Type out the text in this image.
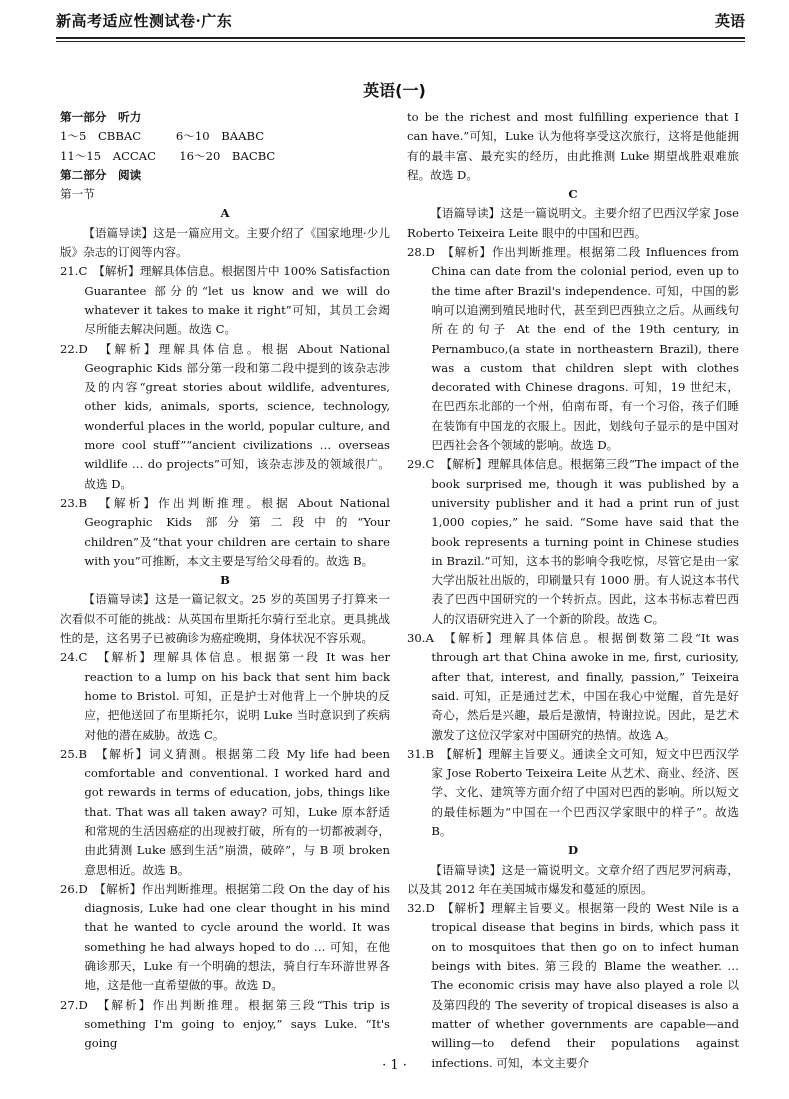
新高考适应性测试卷·广东	英语
英语(一)

第一部分　听力

1～5　CBBAC　　　6～10　BAABC

11～15　ACCAC　　16～20　BACBC

第二部分　阅读

第一节

A

【语篇导读】这是一篇应用文。主要介绍了《国家地理·少儿版》杂志的订阅等内容。

21.C　【解析】理解具体信息。根据图片中 100% Satisfaction Guarantee 部分的“let us know and we will do whatever it takes to make it right”可知，其员工会竭尽所能去解决问题。故选 C。

22.D　【解析】理解具体信息。根据 About National Geographic Kids 部分第一段和第二段中提到的该杂志涉及的内容“great stories about wildlife, adventures, other kids, animals, sports, science, technology, wonderful places in the world, popular culture, and more cool stuff”“ancient civilizations … overseas wildlife … do projects”可知，该杂志涉及的领域很广。故选 D。

23.B　【解析】作出判断推理。根据 About National Geographic Kids 部分第二段中的“Your children”及“that your children are certain to share with you”可推断，本文主要是写给父母看的。故选 B。

B

【语篇导读】这是一篇记叙文。25 岁的英国男子打算来一次看似不可能的挑战：从英国布里斯托尔骑行至北京。更具挑战性的是，这名男子已被确诊为癌症晚期，身体状况不容乐观。

24.C　【解析】理解具体信息。根据第一段 It was her reaction to a lump on his back that sent him back home to Bristol. 可知，正是护士对他背上一个肿块的反应，把他送回了布里斯托尔，说明 Luke 当时意识到了疾病对他的潜在威胁。故选 C。

25.B　【解析】词义猜测。根据第二段 My life had been comfortable and conventional. I worked hard and got rewards in terms of education, jobs, things like that. That was all taken away? 可知，Luke 原本舒适和常规的生活因癌症的出现被打破，所有的一切都被剥夺，由此猜测 Luke 感到生活“崩溃，破碎”，与 B 项 broken 意思相近。故选 B。

26.D　【解析】作出判断推理。根据第二段 On the day of his diagnosis, Luke had one clear thought in his mind that he wanted to cycle around the world. It was something he had always hoped to do … 可知，在他确诊那天，Luke 有一个明确的想法，骑自行车环游世界各地，这是他一直希望做的事。故选 D。

27.D　【解析】作出判断推理。根据第三段“This trip is something I'm going to enjoy,” says Luke. “It's going

to be the richest and most fulfilling experience that I can have.”可知，Luke 认为他将享受这次旅行，这将是他能拥有的最丰富、最充实的经历，由此推测 Luke 期望战胜艰难旅程。故选 D。

C

【语篇导读】这是一篇说明文。主要介绍了巴西汉学家 Jose Roberto Teixeira Leite 眼中的中国和巴西。

28.D　【解析】作出判断推理。根据第二段 Influences from China can date from the colonial period, even up to the time after Brazil's independence. 可知，中国的影响可以追溯到殖民地时代，甚至到巴西独立之后。从画线句所在的句子 At the end of the 19th century, in Pernambuco,(a state in northeastern Brazil), there was a custom that children slept with clothes decorated with Chinese dragons. 可知，19 世纪末，在巴西东北部的一个州，伯南布哥，有一个习俗，孩子们睡在装饰有中国龙的衣服上。因此，划线句子显示的是中国对巴西社会各个领域的影响。故选 D。

29.C　【解析】理解具体信息。根据第三段“The impact of the book surprised me, though it was published by a university publisher and it had a print run of just 1,000 copies,” he said. “Some have said that the book represents a turning point in Chinese studies in Brazil.”可知，这本书的影响令我吃惊，尽管它是由一家大学出版社出版的，印刷量只有 1000 册。有人说这本书代表了巴西中国研究的一个转折点。因此，这本书标志着巴西人的汉语研究进入了一个新的阶段。故选 C。

30.A　【解析】理解具体信息。根据倒数第二段“It was through art that China awoke in me, first, curiosity, after that, interest, and finally, passion,” Teixeira said. 可知，正是通过艺术，中国在我心中觉醒，首先是好奇心，然后是兴趣，最后是激情，特谢拉说。因此，是艺术激发了这位汉学家对中国研究的热情。故选 A。

31.B　【解析】理解主旨要义。通读全文可知，短文中巴西汉学家 Jose Roberto Teixeira Leite 从艺术、商业、经济、医学、文化、建筑等方面介绍了中国对巴西的影响。所以短文的最佳标题为“中国在一个巴西汉学家眼中的样子”。故选 B。

D

【语篇导读】这是一篇说明文。文章介绍了西尼罗河病毒，以及其 2012 年在美国城市爆发和蔓延的原因。

32.D　【解析】理解主旨要义。根据第一段的 West Nile is a tropical disease that begins in birds, which pass it on to mosquitoes that then go on to infect human beings with bites. 第三段的 Blame the weather. … The economic crisis may have also played a role 以及第四段的 The severity of tropical diseases is also a matter of whether governments are capable—and willing—to defend their populations against infections. 可知，本文主要介

· 1 ·
